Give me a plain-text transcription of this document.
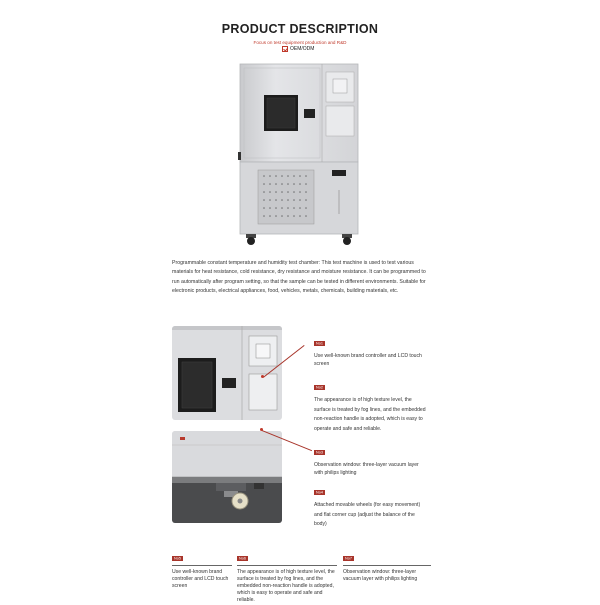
PRODUCT DESCRIPTION
Focus on test equipment production and R&D
OEM/ODM
Programmable constant temperature and humidity test chamber: This test machine is used to test various materials for heat resistance, cold resistance, dry resistance and moisture resistance. It can be programmed to run automatically after program setting, so that the sample can be tested in different environments. Suitable for electronic products, electrical appliances, food, vehicles, metals, chemicals, building materials, etc.
No1
Use well-known brand controller and LCD touch screen
No2
The appearance is of high texture level, the surface is treated by fog lines, and the embedded non-reaction handle is adopted, which is easy to operate and safe and reliable.
No3
Observation window: three-layer vacuum layer with philips lighting
No4
Attached movable wheels (for easy movement) and flat corner cup (adjust the balance of the body)
No5
Use well-known brand controller and LCD touch screen
No6
The appearance is of high texture level, the surface is treated by fog lines, and the embedded non-reaction handle is adopted, which is easy to operate and safe and reliable.
No7
Observation window: three-layer vacuum layer with philips lighting
